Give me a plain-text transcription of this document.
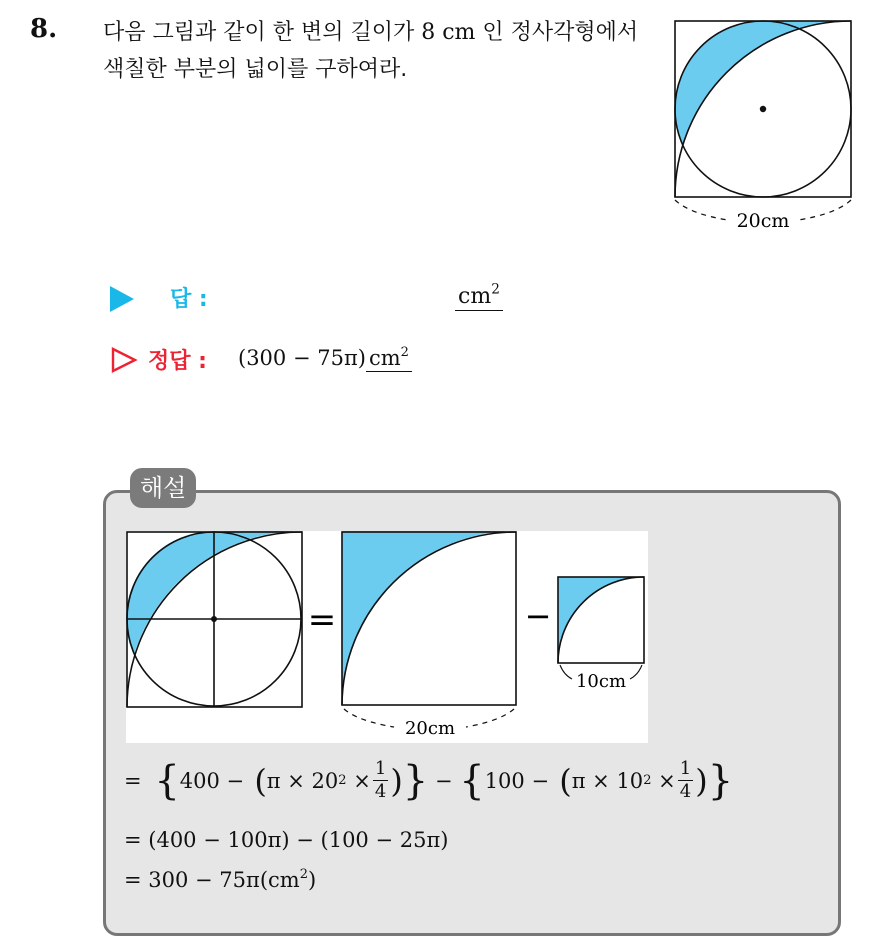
8. 다음 그림과 같이 한 변의 길이가 8 cm 인 정사각형에서 색칠한 부분의 넓이를 구하여라.
20cm
답 :	$cm^2$
정답 : (300 − 75π) $cm^2$
해설
=
20cm
−
10cm
= { 400 − ( π × 20 $2 \times \frac{1}{4}$ ) } − { 100 − ( π × 10 $2 \times \frac{1}{4}$ ) }
= (400 − 100π) − (100 − 25π)
= $300 - 75\pi(cm^2)$
